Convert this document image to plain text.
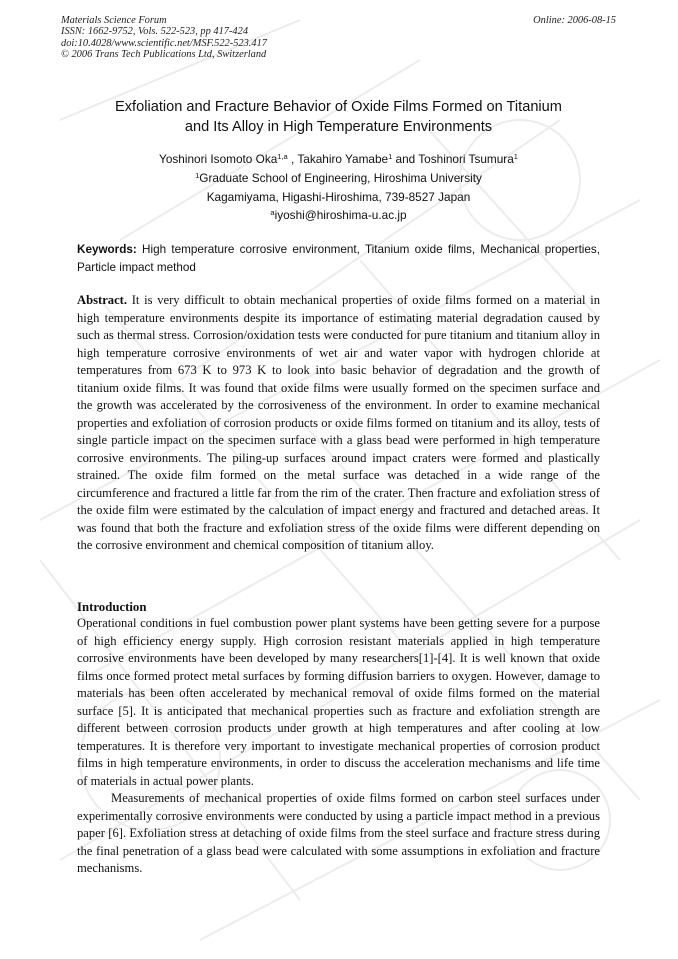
Materials Science Forum
ISSN: 1662-9752, Vols. 522-523, pp 417-424
doi:10.4028/www.scientific.net/MSF.522-523.417
© 2006 Trans Tech Publications Ltd, Switzerland
Online: 2006-08-15
Exfoliation and Fracture Behavior of Oxide Films Formed on Titanium
and Its Alloy in High Temperature Environments
Yoshinori Isomoto Oka$^{1,a}$ , Takahiro Yamabe$^1$ and Toshinori Tsumura$^1$
$^1$Graduate School of Engineering, Hiroshima University
Kagamiyama, Higashi-Hiroshima, 739-8527 Japan
$^a$iyoshi@hiroshima-u.ac.jp
Keywords: High temperature corrosive environment, Titanium oxide films, Mechanical properties, Particle impact method
Abstract. It is very difficult to obtain mechanical properties of oxide films formed on a material in high temperature environments despite its importance of estimating material degradation caused by such as thermal stress. Corrosion/oxidation tests were conducted for pure titanium and titanium alloy in high temperature corrosive environments of wet air and water vapor with hydrogen chloride at temperatures from 673 K to 973 K to look into basic behavior of degradation and the growth of titanium oxide films. It was found that oxide films were usually formed on the specimen surface and the growth was accelerated by the corrosiveness of the environment. In order to examine mechanical properties and exfoliation of corrosion products or oxide films formed on titanium and its alloy, tests of single particle impact on the specimen surface with a glass bead were performed in high temperature corrosive environments. The piling-up surfaces around impact craters were formed and plastically strained. The oxide film formed on the metal surface was detached in a wide range of the circumference and fractured a little far from the rim of the crater. Then fracture and exfoliation stress of the oxide film were estimated by the calculation of impact energy and fractured and detached areas. It was found that both the fracture and exfoliation stress of the oxide films were different depending on the corrosive environment and chemical composition of titanium alloy.
Introduction

Operational conditions in fuel combustion power plant systems have been getting severe for a purpose of high efficiency energy supply. High corrosion resistant materials applied in high temperature corrosive environments have been developed by many researchers[1]-[4]. It is well known that oxide films once formed protect metal surfaces by forming diffusion barriers to oxygen. However, damage to materials has been often accelerated by mechanical removal of oxide films formed on the material surface [5]. It is anticipated that mechanical properties such as fracture and exfoliation strength are different between corrosion products under growth at high temperatures and after cooling at low temperatures. It is therefore very important to investigate mechanical properties of corrosion product films in high temperature environments, in order to discuss the acceleration mechanisms and life time of materials in actual power plants.

Measurements of mechanical properties of oxide films formed on carbon steel surfaces under experimentally corrosive environments were conducted by using a particle impact method in a previous paper [6]. Exfoliation stress at detaching of oxide films from the steel surface and fracture stress during the final penetration of a glass bead were calculated with some assumptions in exfoliation and fracture mechanisms.
